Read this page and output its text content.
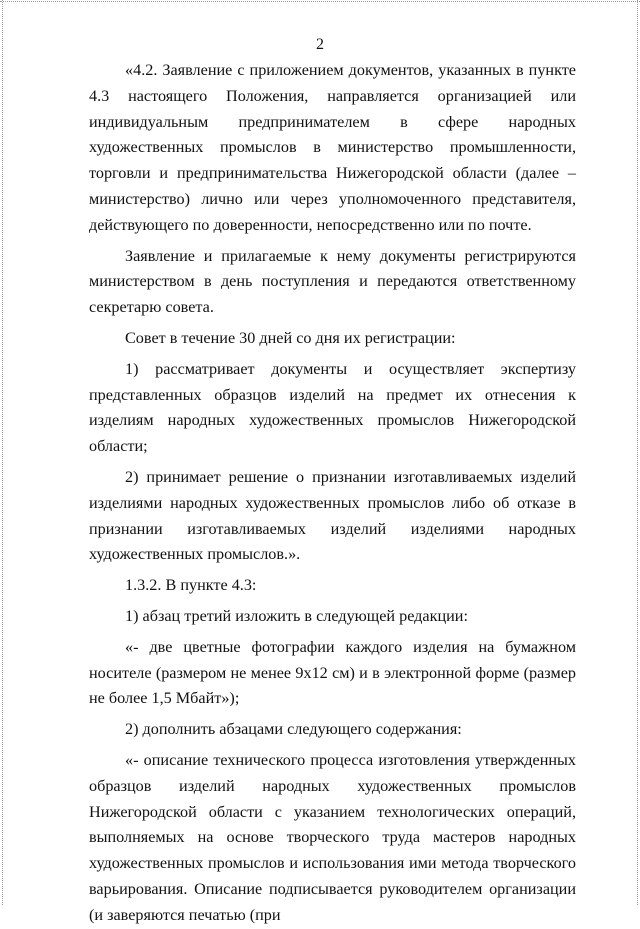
2

«4.2. Заявление с приложением документов, указанных в пункте 4.3 настоящего Положения, направляется организацией или индивидуальным предпринимателем в сфере народных художественных промыслов в министерство промышленности, торговли и предпринимательства Нижегородской области (далее – министерство) лично или через уполномоченного представителя, действующего по доверенности, непосредственно или по почте.

Заявление и прилагаемые к нему документы регистрируются министерством в день поступления и передаются ответственному секретарю совета.

Совет в течение 30 дней со дня их регистрации:

1) рассматривает документы и осуществляет экспертизу представленных образцов изделий на предмет их отнесения к изделиям народных художественных промыслов Нижегородской области;

2) принимает решение о признании изготавливаемых изделий изделиями народных художественных промыслов либо об отказе в признании изготавливаемых изделий изделиями народных художественных промыслов.».

1.3.2. В пункте 4.3:

1) абзац третий изложить в следующей редакции:

«- две цветные фотографии каждого изделия на бумажном носителе (размером не менее 9х12 см) и в электронной форме (размер не более 1,5 Мбайт»);

2) дополнить абзацами следующего содержания:

«- описание технического процесса изготовления утвержденных образцов изделий народных художественных промыслов Нижегородской области с указанием технологических операций, выполняемых на основе творческого труда мастеров народных художественных промыслов и использования ими метода творческого варьирования. Описание подписывается руководителем организации (и заверяются печатью (при
